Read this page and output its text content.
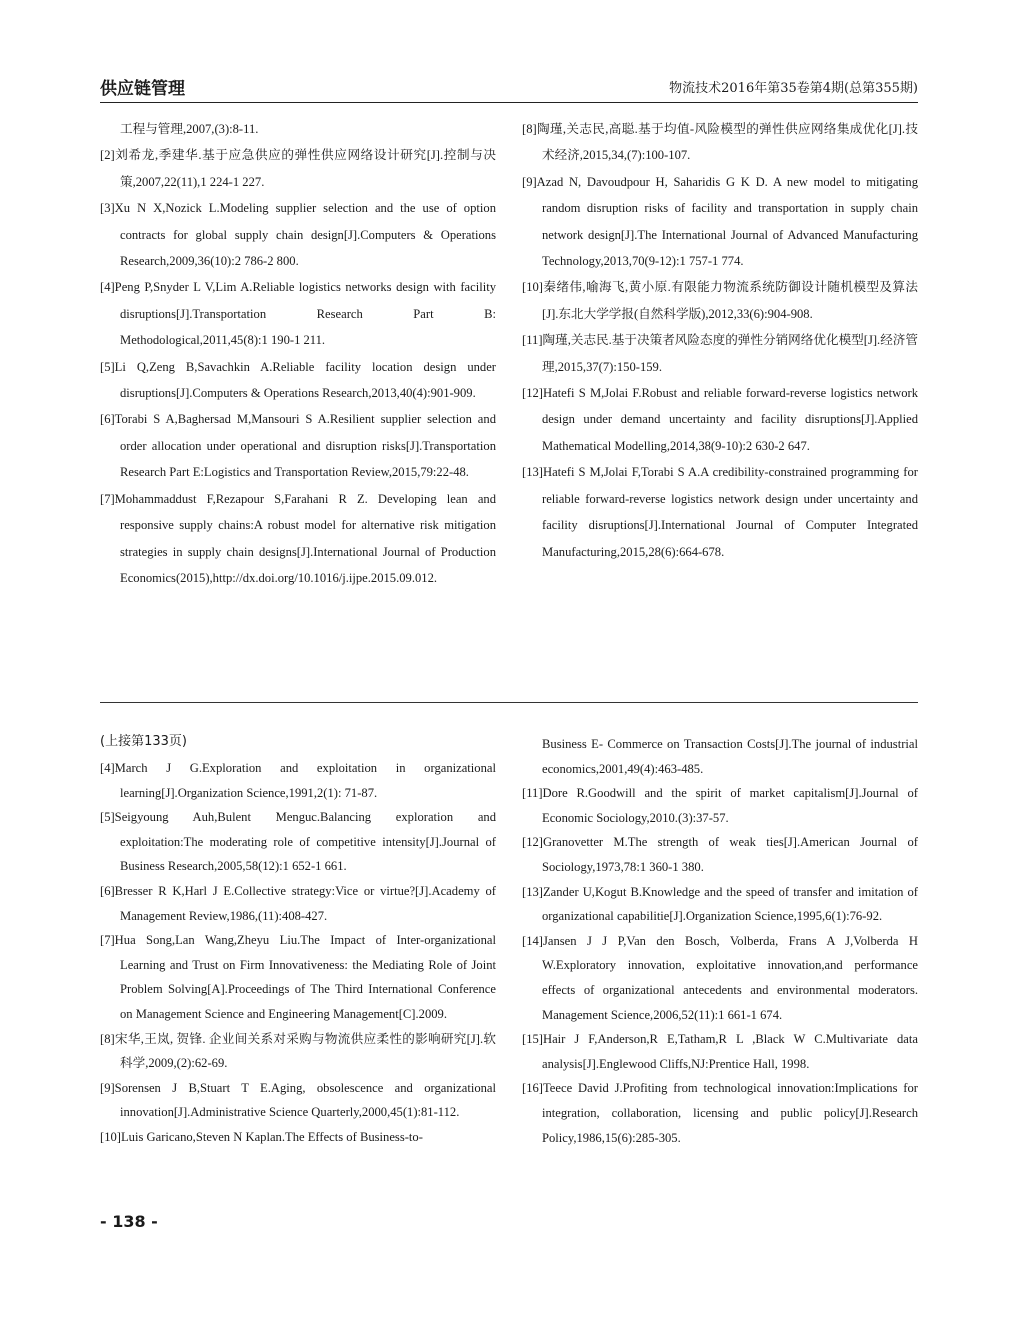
供应链管理	物流技术2016年第35卷第4期(总第355期)

工程与管理,2007,(3):8-11.

[2]刘希龙,季建华.基于应急供应的弹性供应网络设计研究[J].控制与决策,2007,22(11),1 224-1 227.

[3]Xu N X,Nozick L.Modeling supplier selection and the use of option contracts for global supply chain design[J].Computers & Operations Research,2009,36(10):2 786-2 800.

[4]Peng P,Snyder L V,Lim A.Reliable logistics networks design with facility disruptions[J].Transportation Research Part B: Methodological,2011,45(8):1 190-1 211.

[5]Li Q,Zeng B,Savachkin A.Reliable facility location design under disruptions[J].Computers & Operations Research,2013,40(4):901-909.

[6]Torabi S A,Baghersad M,Mansouri S A.Resilient supplier selection and order allocation under operational and disruption risks[J].Transportation Research Part E:Logistics and Transportation Review,2015,79:22-48.

[7]Mohammaddust F,Rezapour S,Farahani R Z. Developing lean and responsive supply chains:A robust model for alternative risk mitigation strategies in supply chain designs[J].International Journal of Production Economics(2015),http://dx.doi.org/10.1016/j.ijpe.2015.09.012.

[8]陶瑾,关志民,高聪.基于均值-风险模型的弹性供应网络集成优化[J].技术经济,2015,34,(7):100-107.

[9]Azad N, Davoudpour H, Saharidis G K D. A new model to mitigating random disruption risks of facility and transportation in supply chain network design[J].The International Journal of Advanced Manufacturing Technology,2013,70(9-12):1 757-1 774.

[10]秦绪伟,喻海飞,黄小原.有限能力物流系统防御设计随机模型及算法[J].东北大学学报(自然科学版),2012,33(6):904-908.

[11]陶瑾,关志民.基于决策者风险态度的弹性分销网络优化模型[J].经济管理,2015,37(7):150-159.

[12]Hatefi S M,Jolai F.Robust and reliable forward-reverse logistics network design under demand uncertainty and facility disruptions[J].Applied Mathematical Modelling,2014,38(9-10):2 630-2 647.

[13]Hatefi S M,Jolai F,Torabi S A.A credibility-constrained programming for reliable forward-reverse logistics network design under uncertainty and facility disruptions[J].International Journal of Computer Integrated Manufacturing,2015,28(6):664-678.

(上接第133页)

[4]March J G.Exploration and exploitation in organizational learning[J].Organization Science,1991,2(1): 71-87.

[5]Seigyoung Auh,Bulent Menguc.Balancing exploration and exploitation:The moderating role of competitive intensity[J].Journal of Business Research,2005,58(12):1 652-1 661.

[6]Bresser R K,Harl J E.Collective strategy:Vice or virtue?[J].Academy of Management Review,1986,(11):408-427.

[7]Hua Song,Lan Wang,Zheyu Liu.The Impact of Inter-organizational Learning and Trust on Firm Innovativeness: the Mediating Role of Joint Problem Solving[A].Proceedings of The Third International Conference on Management Science and Engineering Management[C].2009.

[8]宋华,王岚, 贺锋. 企业间关系对采购与物流供应柔性的影响研究[J].软科学,2009,(2):62-69.

[9]Sorensen J B,Stuart T E.Aging, obsolescence and organizational innovation[J].Administrative Science Quarterly,2000,45(1):81-112.

[10]Luis Garicano,Steven N Kaplan.The Effects of Business-to-

Business E- Commerce on Transaction Costs[J].The journal of industrial economics,2001,49(4):463-485.

[11]Dore R.Goodwill and the spirit of market capitalism[J].Journal of Economic Sociology,2010.(3):37-57.

[12]Granovetter M.The strength of weak ties[J].American Journal of Sociology,1973,78:1 360-1 380.

[13]Zander U,Kogut B.Knowledge and the speed of transfer and imitation of organizational capabilitie[J].Organization Science,1995,6(1):76-92.

[14]Jansen J J P,Van den Bosch, Volberda, Frans A J,Volberda H W.Exploratory innovation, exploitative innovation,and performance effects of organizational antecedents and environmental moderators. Management Science,2006,52(11):1 661-1 674.

[15]Hair J F,Anderson,R E,Tatham,R L ,Black W C.Multivariate data analysis[J].Englewood Cliffs,NJ:Prentice Hall, 1998.

[16]Teece David J.Profiting from technological innovation:Implications for integration, collaboration, licensing and public policy[J].Research Policy,1986,15(6):285-305.

- 138 -
